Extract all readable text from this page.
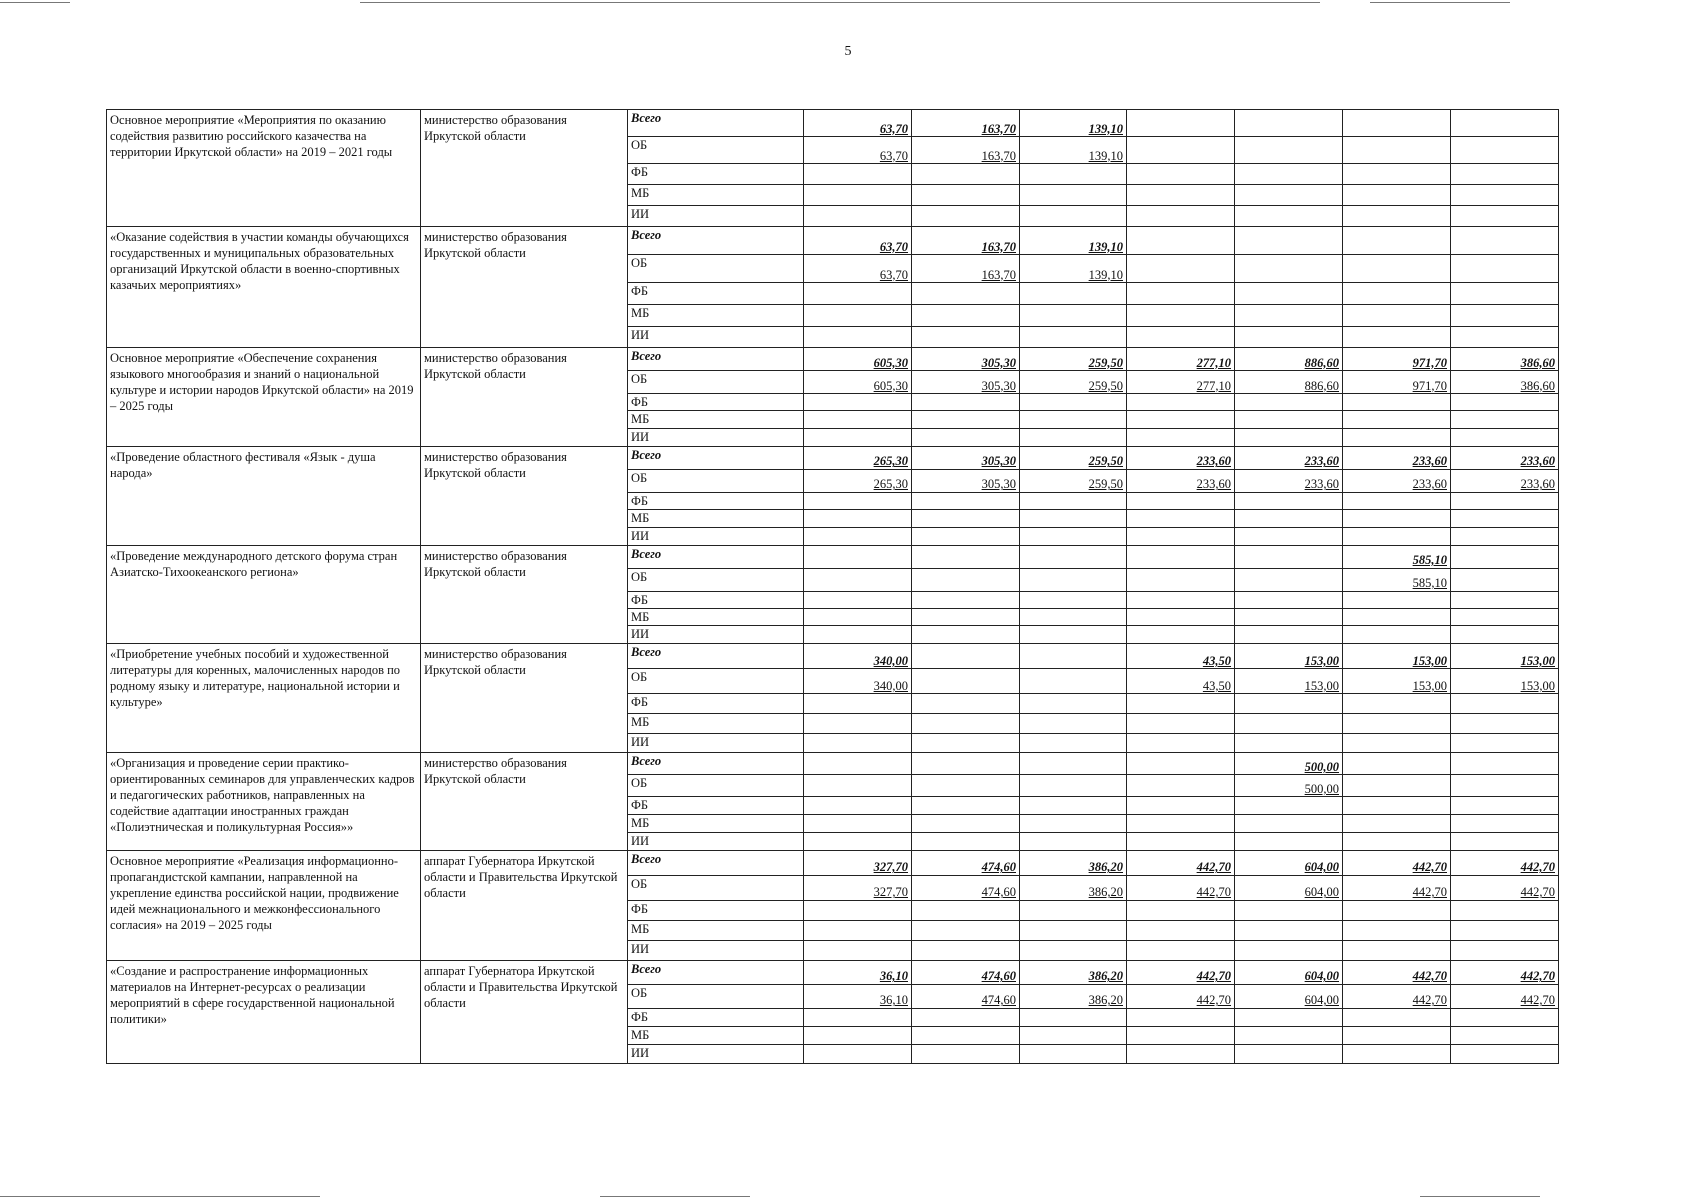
5
Основное мероприятие «Мероприятия по оказанию содействия развитию российского казачества на территории Иркутской области» на 2019 – 2021 годы	министерство образования Иркутской области	Всего	63,70	163,70	139,10				
		ОБ	63,70	163,70	139,10				
		ФБ							
		МБ							
		ИИ							
«Оказание содействия в участии команды обучающихся государственных и муниципальных образовательных организаций Иркутской области в военно-спортивных казачьих мероприятиях»	министерство образования Иркутской области	Всего	63,70	163,70	139,10				
		ОБ	63,70	163,70	139,10				
		ФБ							
		МБ							
		ИИ							
Основное мероприятие «Обеспечение сохранения языкового многообразия и знаний о национальной культуре и истории народов Иркутской области» на 2019 – 2025 годы	министерство образования Иркутской области	Всего	605,30	305,30	259,50	277,10	886,60	971,70	386,60
		ОБ	605,30	305,30	259,50	277,10	886,60	971,70	386,60
		ФБ							
		МБ							
		ИИ							
«Проведение областного фестиваля «Язык - душа народа»	министерство образования Иркутской области	Всего	265,30	305,30	259,50	233,60	233,60	233,60	233,60
		ОБ	265,30	305,30	259,50	233,60	233,60	233,60	233,60
		ФБ							
		МБ							
		ИИ							
«Проведение международного детского форума стран Азиатско-Тихоокеанского региона»	министерство образования Иркутской области	Всего						585,10	
		ОБ						585,10	
		ФБ							
		МБ							
		ИИ							
«Приобретение учебных пособий и художественной литературы для коренных, малочисленных народов по родному языку и литературе, национальной истории и культуре»	министерство образования Иркутской области	Всего	340,00			43,50	153,00	153,00	153,00
		ОБ	340,00			43,50	153,00	153,00	153,00
		ФБ							
		МБ							
		ИИ							
«Организация и проведение серии практико-ориентированных семинаров для управленческих кадров и педагогических работников, направленных на содействие адаптации иностранных граждан «Полиэтническая и поликультурная Россия»»	министерство образования Иркутской области	Всего					500,00		
		ОБ					500,00		
		ФБ							
		МБ							
		ИИ							
Основное мероприятие «Реализация информационно-пропагандистской кампании, направленной на укрепление единства российской нации, продвижение идей межнационального и межконфессионального согласия» на 2019 – 2025 годы	аппарат Губернатора Иркутской области и Правительства Иркутской области	Всего	327,70	474,60	386,20	442,70	604,00	442,70	442,70
		ОБ	327,70	474,60	386,20	442,70	604,00	442,70	442,70
		ФБ							
		МБ							
		ИИ							
«Создание и распространение информационных материалов на Интернет-ресурсах о реализации мероприятий в сфере государственной национальной политики»	аппарат Губернатора Иркутской области и Правительства Иркутской области	Всего	36,10	474,60	386,20	442,70	604,00	442,70	442,70
		ОБ	36,10	474,60	386,20	442,70	604,00	442,70	442,70
		ФБ							
		МБ							
		ИИ							
